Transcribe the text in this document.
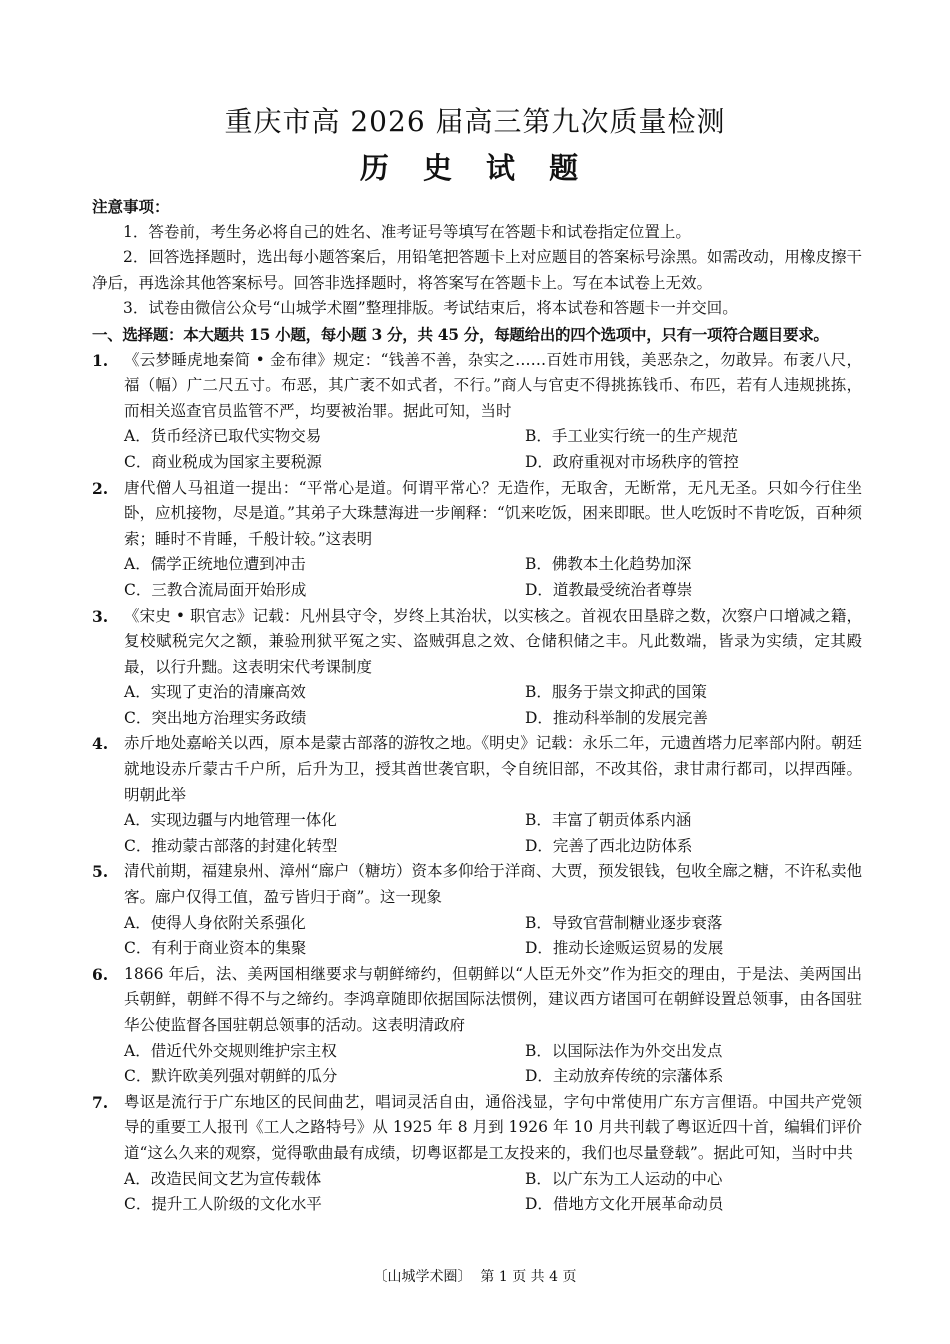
重庆市高 2026 届高三第九次质量检测
历 史 试 题
注意事项：
1．答卷前，考生务必将自己的姓名、准考证号等填写在答题卡和试卷指定位置上。
2．回答选择题时，选出每小题答案后，用铅笔把答题卡上对应题目的答案标号涂黑。如需改动，用橡皮擦干净后，再选涂其他答案标号。回答非选择题时，将答案写在答题卡上。写在本试卷上无效。
3．试卷由微信公众号“山城学术圈”整理排版。考试结束后，将本试卷和答题卡一并交回。
一、选择题：本大题共 15 小题，每小题 3 分，共 45 分，每题给出的四个选项中，只有一项符合题目要求。
1.	《云梦睡虎地秦简 • 金布律》规定：“钱善不善，杂实之……百姓市用钱，美恶杂之，勿敢异。布袤八尺，福（幅）广二尺五寸。布恶，其广袤不如式者，不行。”商人与官吏不得挑拣钱币、布匹，若有人违规挑拣，而相关巡查官员监管不严，均要被治罪。据此可知，当时
A．货币经济已取代实物交易	B．手工业实行统一的生产规范
C．商业税成为国家主要税源	D．政府重视对市场秩序的管控
2.	唐代僧人马祖道一提出：“平常心是道。何谓平常心？无造作，无取舍，无断常，无凡无圣。只如今行住坐卧，应机接物，尽是道。”其弟子大珠慧海进一步阐释：“饥来吃饭，困来即眠。世人吃饭时不肯吃饭，百种须索；睡时不肯睡，千般计较。”这表明
A．儒学正统地位遭到冲击	B．佛教本土化趋势加深
C．三教合流局面开始形成	D．道教最受统治者尊崇
3.	《宋史 • 职官志》记载：凡州县守令，岁终上其治状，以实核之。首视农田垦辟之数，次察户口增减之籍，复校赋税完欠之额，兼验刑狱平冤之实、盗贼弭息之效、仓储积储之丰。凡此数端，皆录为实绩，定其殿最，以行升黜。这表明宋代考课制度
A．实现了吏治的清廉高效	B．服务于崇文抑武的国策
C．突出地方治理实务政绩	D．推动科举制的发展完善
4.	赤斤地处嘉峪关以西，原本是蒙古部落的游牧之地。《明史》记载：永乐二年，元遗酋塔力尼率部内附。朝廷就地设赤斤蒙古千户所，后升为卫，授其酋世袭官职，令自统旧部，不改其俗，隶甘肃行都司，以捍西陲。明朝此举
A．实现边疆与内地管理一体化	B．丰富了朝贡体系内涵
C．推动蒙古部落的封建化转型	D．完善了西北边防体系
5.	清代前期，福建泉州、漳州“廍户（糖坊）资本多仰给于洋商、大贾，预发银钱，包收全廍之糖，不许私卖他客。廍户仅得工值，盈亏皆归于商”。这一现象
A．使得人身依附关系强化	B．导致官营制糖业逐步衰落
C．有利于商业资本的集聚	D．推动长途贩运贸易的发展
6.	1866 年后，法、美两国相继要求与朝鲜缔约，但朝鲜以“人臣无外交”作为拒交的理由，于是法、美两国出兵朝鲜，朝鲜不得不与之缔约。李鸿章随即依据国际法惯例，建议西方诸国可在朝鲜设置总领事，由各国驻华公使监督各国驻朝总领事的活动。这表明清政府
A．借近代外交规则维护宗主权	B．以国际法作为外交出发点
C．默许欧美列强对朝鲜的瓜分	D．主动放弃传统的宗藩体系
7.	粤讴是流行于广东地区的民间曲艺，唱词灵活自由，通俗浅显，字句中常使用广东方言俚语。中国共产党领导的重要工人报刊《工人之路特号》从 1925 年 8 月到 1926 年 10 月共刊载了粤讴近四十首，编辑们评价道“这么久来的观察，觉得歌曲最有成绩，切粤讴都是工友投来的，我们也尽量登载”。据此可知，当时中共
A．改造民间文艺为宣传载体	B．以广东为工人运动的中心
C．提升工人阶级的文化水平	D．借地方文化开展革命动员
〔山城学术圈〕  第 1 页 共 4 页
